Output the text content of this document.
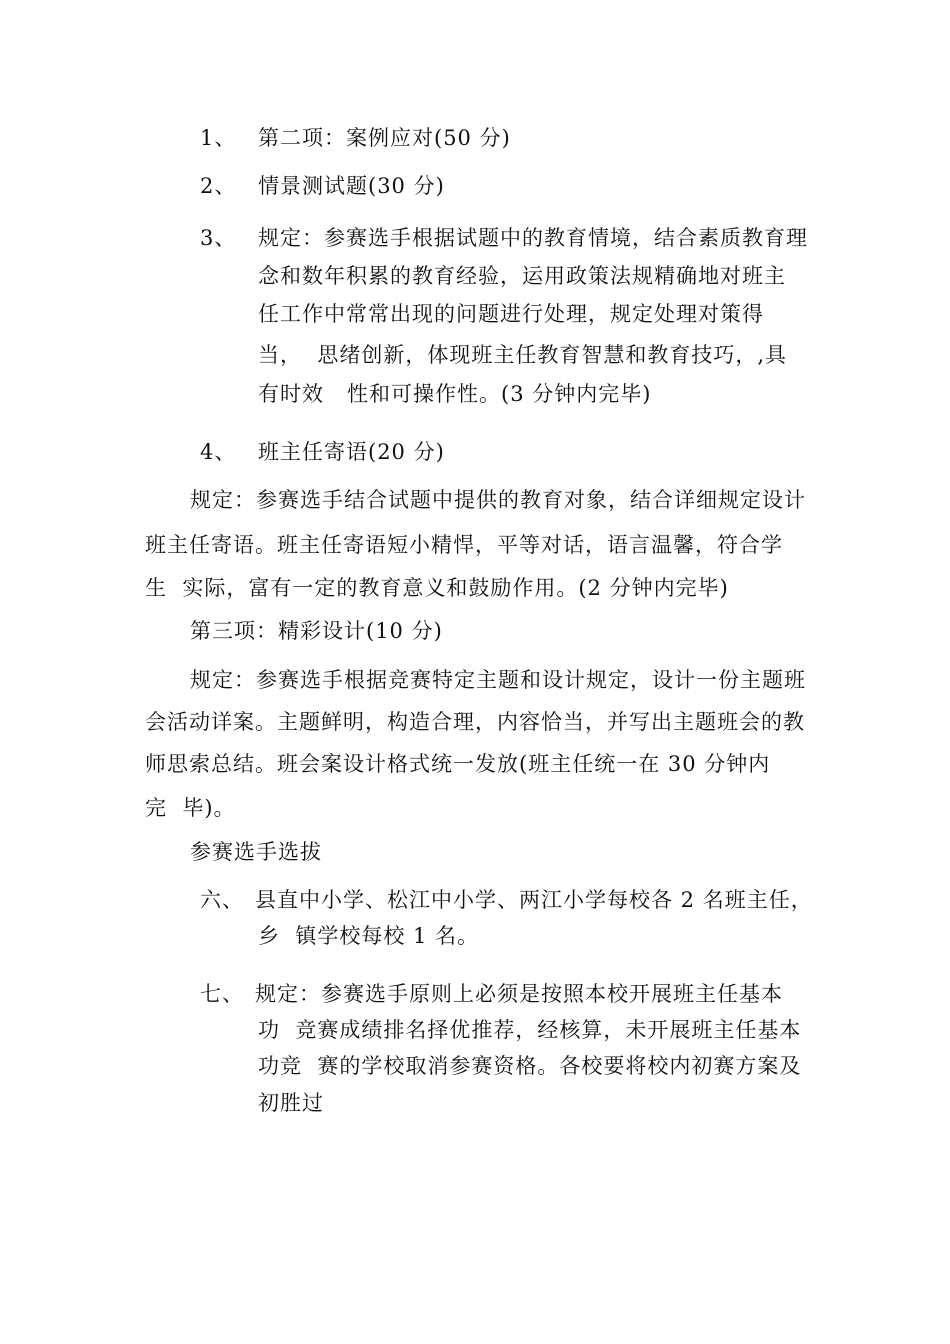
1、 第二项：案例应对(50 分)
2、 情景测试题(30 分)
3、 规定：参赛选手根据试题中的教育情境，结合素质教育理
念和数年积累的教育经验，运用政策法规精确地对班主
任工作中常常出现的问题进行处理，规定处理对策得
当，  思绪创新，体现班主任教育智慧和教育技巧，,具
有时效   性和可操作性。(3 分钟内完毕)
4、 班主任寄语(20 分)
规定：参赛选手结合试题中提供的教育对象，结合详细规定设计
班主任寄语。班主任寄语短小精悍，平等对话，语言温馨，符合学
生  实际，富有一定的教育意义和鼓励作用。(2 分钟内完毕)
第三项：精彩设计(10 分)
规定：参赛选手根据竞赛特定主题和设计规定，设计一份主题班
会活动详案。主题鲜明，构造合理，内容恰当，并写出主题班会的教
师思索总结。班会案设计格式统一发放(班主任统一在 30 分钟内
完  毕)。
参赛选手选拔
六、 县直中小学、松江中小学、两江小学每校各 2 名班主任，
乡  镇学校每校 1 名。
七、 规定：参赛选手原则上必须是按照本校开展班主任基本
功  竞赛成绩排名择优推荐，经核算，未开展班主任基本
功竞  赛的学校取消参赛资格。各校要将校内初赛方案及
初胜过
